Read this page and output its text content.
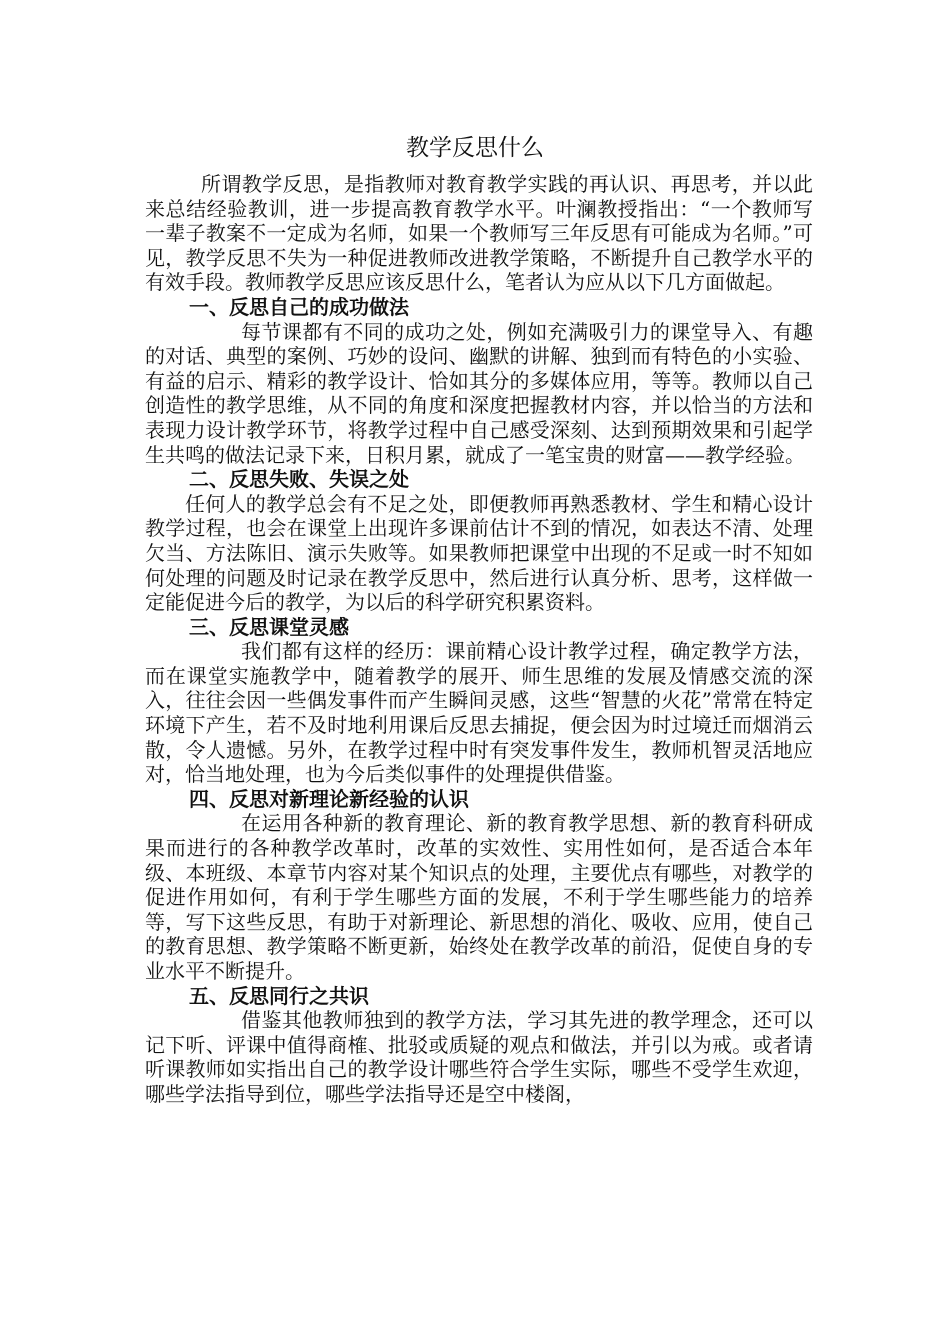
教学反思什么

所谓教学反思，是指教师对教育教学实践的再认识、再思考，并以此来总结经验教训，进一步提高教育教学水平。叶澜教授指出：“一个教师写一辈子教案不一定成为名师，如果一个教师写三年反思有可能成为名师。”可见，教学反思不失为一种促进教师改进教学策略，不断提升自己教学水平的有效手段。教师教学反思应该反思什么，笔者认为应从以下几方面做起。

一、反思自己的成功做法

每节课都有不同的成功之处，例如充满吸引力的课堂导入、有趣的对话、典型的案例、巧妙的设问、幽默的讲解、独到而有特色的小实验、有益的启示、精彩的教学设计、恰如其分的多媒体应用，等等。教师以自己创造性的教学思维，从不同的角度和深度把握教材内容，并以恰当的方法和表现力设计教学环节，将教学过程中自己感受深刻、达到预期效果和引起学生共鸣的做法记录下来，日积月累，就成了一笔宝贵的财富——教学经验。

二、反思失败、失误之处

任何人的教学总会有不足之处，即便教师再熟悉教材、学生和精心设计教学过程，也会在课堂上出现许多课前估计不到的情况，如表达不清、处理欠当、方法陈旧、演示失败等。如果教师把课堂中出现的不足或一时不知如何处理的问题及时记录在教学反思中，然后进行认真分析、思考，这样做一定能促进今后的教学，为以后的科学研究积累资料。

三、反思课堂灵感

我们都有这样的经历：课前精心设计教学过程，确定教学方法，而在课堂实施教学中，随着教学的展开、师生思维的发展及情感交流的深入，往往会因一些偶发事件而产生瞬间灵感，这些“智慧的火花”常常在特定环境下产生，若不及时地利用课后反思去捕捉，便会因为时过境迁而烟消云散，令人遗憾。另外，在教学过程中时有突发事件发生，教师机智灵活地应对，恰当地处理，也为今后类似事件的处理提供借鉴。

四、反思对新理论新经验的认识

在运用各种新的教育理论、新的教育教学思想、新的教育科研成果而进行的各种教学改革时，改革的实效性、实用性如何，是否适合本年级、本班级、本章节内容对某个知识点的处理，主要优点有哪些，对教学的促进作用如何，有利于学生哪些方面的发展，不利于学生哪些能力的培养等，写下这些反思，有助于对新理论、新思想的消化、吸收、应用，使自己的教育思想、教学策略不断更新，始终处在教学改革的前沿，促使自身的专业水平不断提升。

五、反思同行之共识

借鉴其他教师独到的教学方法，学习其先进的教学理念，还可以记下听、评课中值得商榷、批驳或质疑的观点和做法，并引以为戒。或者请听课教师如实指出自己的教学设计哪些符合学生实际，哪些不受学生欢迎，哪些学法指导到位，哪些学法指导还是空中楼阁，
